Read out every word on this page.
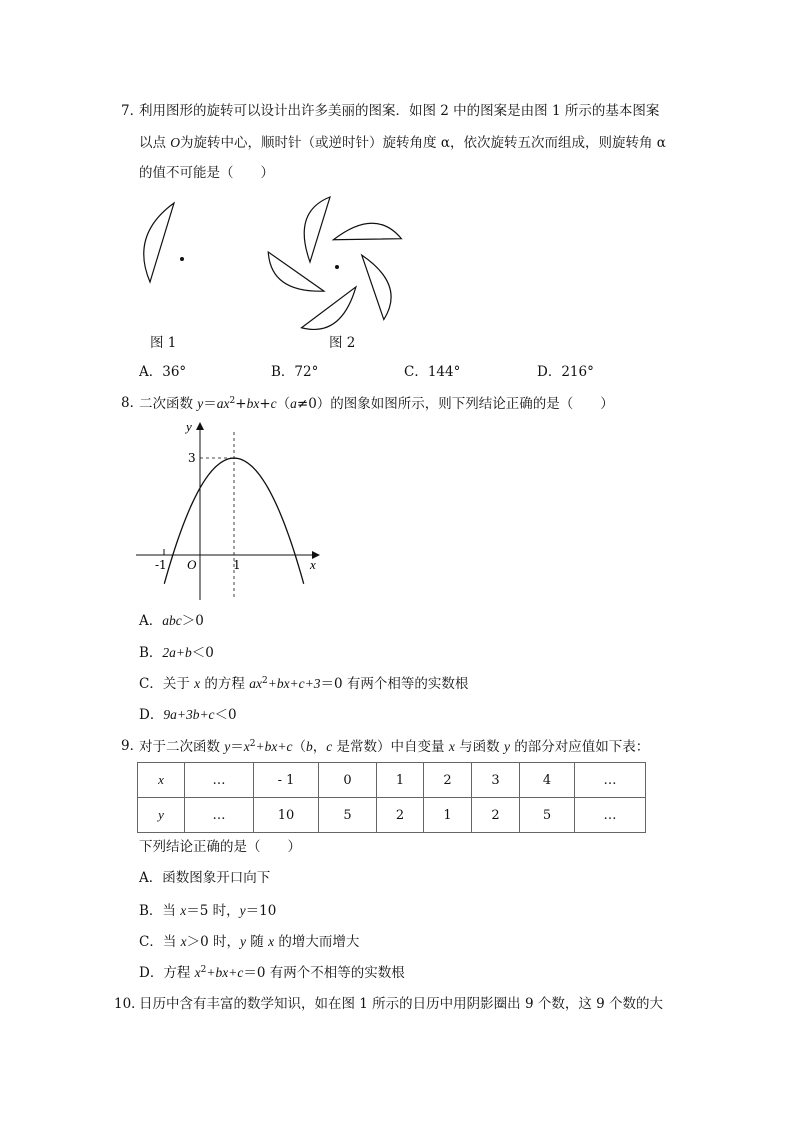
7．
利用图形的旋转可以设计出许多美丽的图案．如图 2 中的图案是由图 1 所示的基本图案
以点 O为旋转中心，顺时针（或逆时针）旋转角度 α，依次旋转五次而组成，则旋转角 α
的值不可能是（　　）
图 1	图 2
A．36°	B．72°	C．144°	D．216°
8．
二次函数 $y=ax^2+bx+c(a\ne 0)$的图象如图所示，则下列结论正确的是（　　）
y
x
O
-1	1
3
A．abc＞0
B．2a+b＜0
C．关于 x 的方程 $ax^2+bx+c+3=0$ 有两个相等的实数根
D．9a+3b+c＜0
9．
对于二次函数 $y=x^2+bx+c(b$，c 是常数）中自变量 x 与函数 y 的部分对应值如下表：
x	…	- 1	0	1	2	3	4	…
y	…	10	5	2	1	2	5	…
下列结论正确的是（　　）
A．函数图象开口向下
B．当 x＝5 时，y＝10
C．当 x＞0 时，y 随 x 的增大而增大
D．方程 $x^2+bx+c=0$ 有两个不相等的实数根
10．
日历中含有丰富的数学知识，如在图 1 所示的日历中用阴影圈出 9 个数，这 9 个数的大
